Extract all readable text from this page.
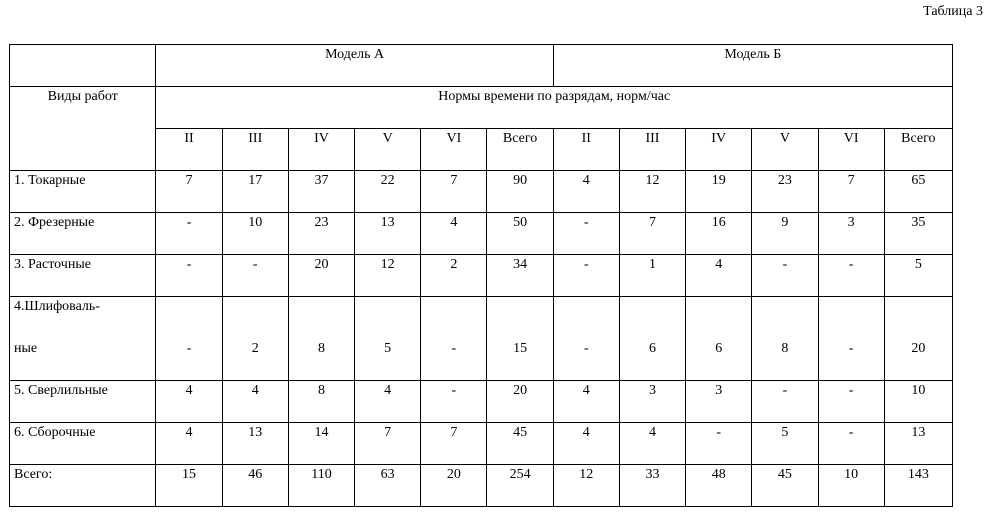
Таблица 3

	Модель А						Модель Б					

Виды работ	Нормы времени по разрядам, норм/час											

	II	III	IV	V	VI	Всего	II	III	IV	V	VI	Всего

1. Токарные	7	17	37	22	7	90	4	12	19	23	7	65

2. Фрезерные	-	10	23	13	4	50	-	7	16	9	3	35

3. Расточные	-	-	20	12	2	34	-	1	4	-	-	5

4.Шлифоваль-
ные	-	2	8	5	-	15	-	6	6	8	-	20

5. Сверлильные	4	4	8	4	-	20	4	3	3	-	-	10

6. Сборочные	4	13	14	7	7	45	4	4	-	5	-	13

Всего:	15	46	110	63	20	254	12	33	48	45	10	143
